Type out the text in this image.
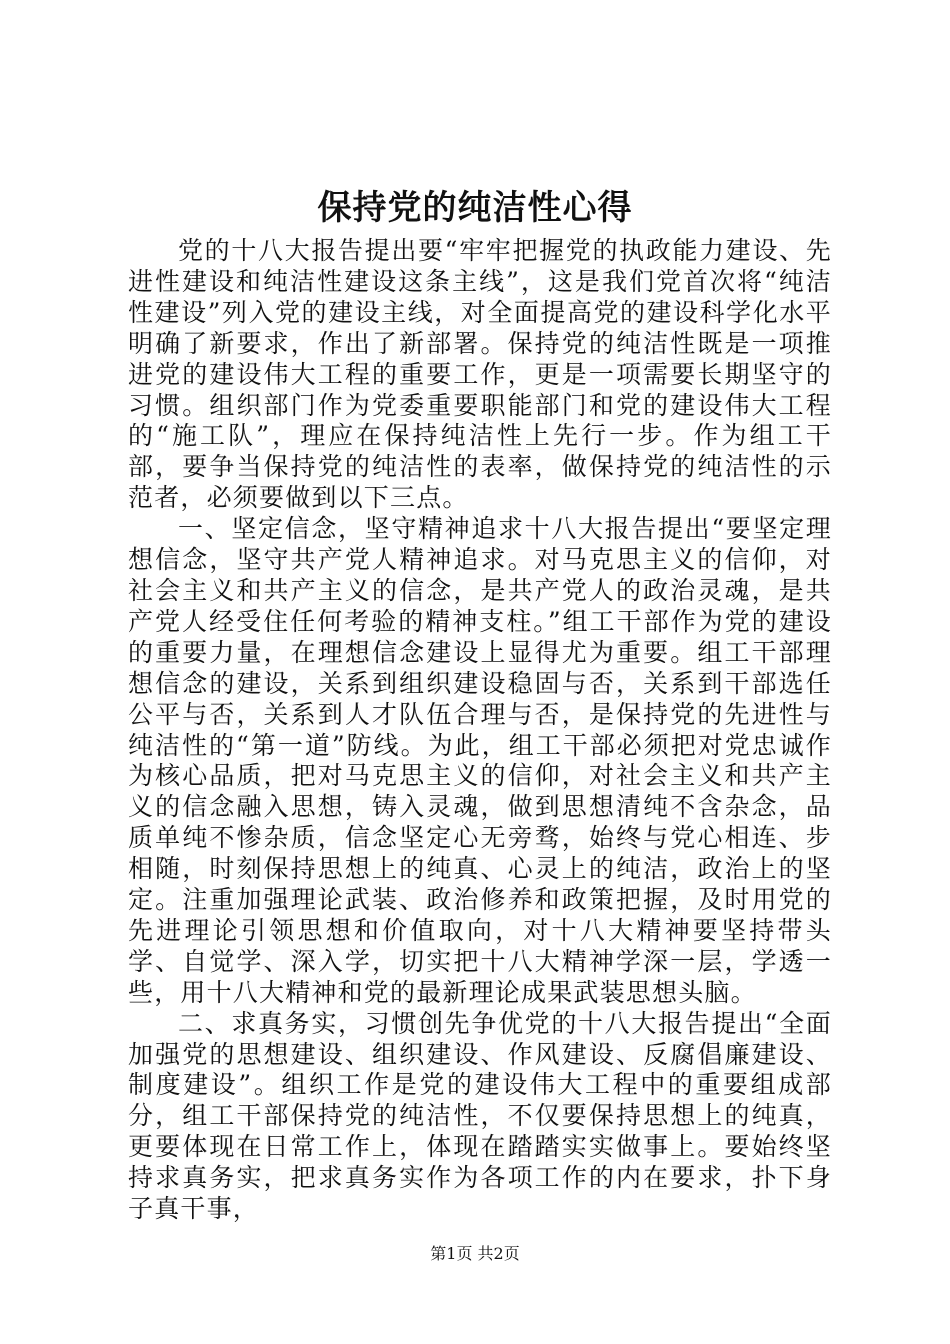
保持党的纯洁性心得

党的十八大报告提出要“牢牢把握党的执政能力建设、先进性建设和纯洁性建设这条主线”，这是我们党首次将“纯洁性建设”列入党的建设主线，对全面提高党的建设科学化水平明确了新要求，作出了新部署。保持党的纯洁性既是一项推进党的建设伟大工程的重要工作，更是一项需要长期坚守的习惯。组织部门作为党委重要职能部门和党的建设伟大工程的“施工队”，理应在保持纯洁性上先行一步。作为组工干部，要争当保持党的纯洁性的表率，做保持党的纯洁性的示范者，必须要做到以下三点。

一、坚定信念，坚守精神追求十八大报告提出“要坚定理想信念，坚守共产党人精神追求。对马克思主义的信仰，对社会主义和共产主义的信念，是共产党人的政治灵魂，是共产党人经受住任何考验的精神支柱。”组工干部作为党的建设的重要力量，在理想信念建设上显得尤为重要。组工干部理想信念的建设，关系到组织建设稳固与否，关系到干部选任公平与否，关系到人才队伍合理与否，是保持党的先进性与纯洁性的“第一道”防线。为此，组工干部必须把对党忠诚作为核心品质，把对马克思主义的信仰，对社会主义和共产主义的信念融入思想，铸入灵魂，做到思想清纯不含杂念，品质单纯不惨杂质，信念坚定心无旁骛，始终与党心相连、步相随，时刻保持思想上的纯真、心灵上的纯洁，政治上的坚定。注重加强理论武装、政治修养和政策把握，及时用党的先进理论引领思想和价值取向，对十八大精神要坚持带头学、自觉学、深入学，切实把十八大精神学深一层，学透一些，用十八大精神和党的最新理论成果武装思想头脑。

二、求真务实，习惯创先争优党的十八大报告提出“全面加强党的思想建设、组织建设、作风建设、反腐倡廉建设、制度建设”。组织工作是党的建设伟大工程中的重要组成部分，组工干部保持党的纯洁性，不仅要保持思想上的纯真，更要体现在日常工作上，体现在踏踏实实做事上。要始终坚持求真务实，把求真务实作为各项工作的内在要求，扑下身子真干事，

第1页 共2页
